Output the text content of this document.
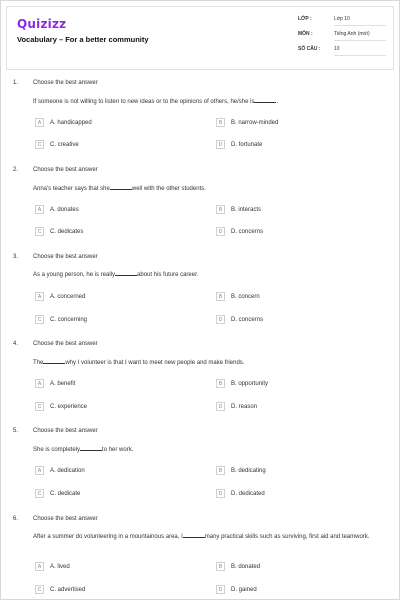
Quizizz
Vocabulary – For a better community
LỚP :	Lớp 10
MÔN :	Tiếng Anh (mới)
SỐ CÂU :	10
1. Choose the best answer
If someone is not willing to listen to new ideas or to the opinions of others, he/she is	.
A	A. handicapped	B	B. narrow-minded
C	C. creative	D	D. fortunate
2. Choose the best answer
Anna's teacher says that she	well with the other students.
A	A. donates	B	B. interacts
C	C. dedicates	D	D. concerns
3. Choose the best answer
As a young person, he is really	about his future career.
A	A. concerned	B	B. concern
C	C. concerning	D	D. concerns
4. Choose the best answer
The	why I volunteer is that I want to meet new people and make friends.
A	A. benefit	B	B. opportunity
C	C. experience	D	D. reason
5. Choose the best answer
She is completely	to her work.
A	A. dedication	B	B. dedicating
C	C. dedicate	D	D. dedicated
6. Choose the best answer
After a summer do volunteering in a mountainous area, I	many practical skills such as surviving, first aid and teamwork.
A	A. lived	B	B. donated
C	C. advertised	D	D. gained
